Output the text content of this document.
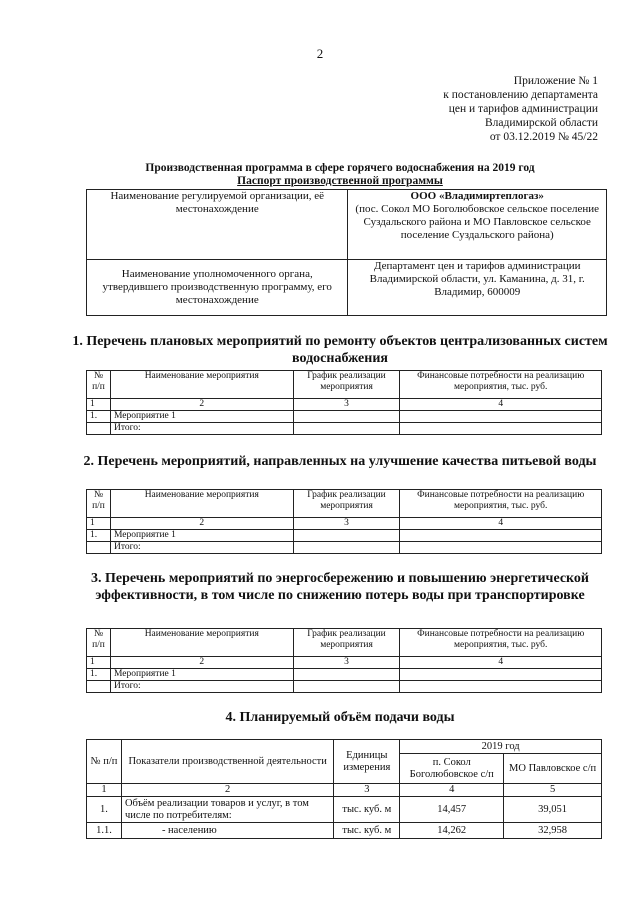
2
Приложение № 1
к постановлению департамента
цен и тарифов администрации
Владимирской области
от 03.12.2019 № 45/22
Производственная программа в сфере горячего водоснабжения на 2019 год
Паспорт производственной программы
Наименование регулируемой организации, её местонахождение	ООО «Владимиртеплогаз»
(пос. Сокол МО Боголюбовское сельское поселение Суздальского района и МО Павловское сельское поселение Суздальского района)
Наименование уполномоченного органа, утвердившего производственную программу, его местонахождение	Департамент цен и тарифов администрации Владимирской области, ул. Каманина, д. 31, г. Владимир, 600009
1. Перечень плановых мероприятий по ремонту объектов централизованных систем водоснабжения
№ п/п	Наименование мероприятия	График реализации мероприятия	Финансовые потребности на реализацию мероприятия, тыс. руб.
1	2	3	4
1.	Мероприятие 1		
	Итого:		
2. Перечень мероприятий, направленных на улучшение качества питьевой воды
№ п/п	Наименование мероприятия	График реализации мероприятия	Финансовые потребности на реализацию мероприятия, тыс. руб.
1	2	3	4
1.	Мероприятие 1		
	Итого:		
3. Перечень мероприятий по энергосбережению и повышению энергетической эффективности, в том числе по снижению потерь воды при транспортировке
№ п/п	Наименование мероприятия	График реализации мероприятия	Финансовые потребности на реализацию мероприятия, тыс. руб.
1	2	3	4
1.	Мероприятие 1		
	Итого:		
4. Планируемый объём подачи воды
№ п/п	Показатели производственной деятельности	Единицы измерения	2019 год	
			п. Сокол Боголюбовское с/п	МО Павловское с/п
1	2	3	4	5
1.	Объём реализации товаров и услуг, в том числе по потребителям:	тыс. куб. м	14,457	39,051
1.1.	- населению	тыс. куб. м	14,262	32,958
